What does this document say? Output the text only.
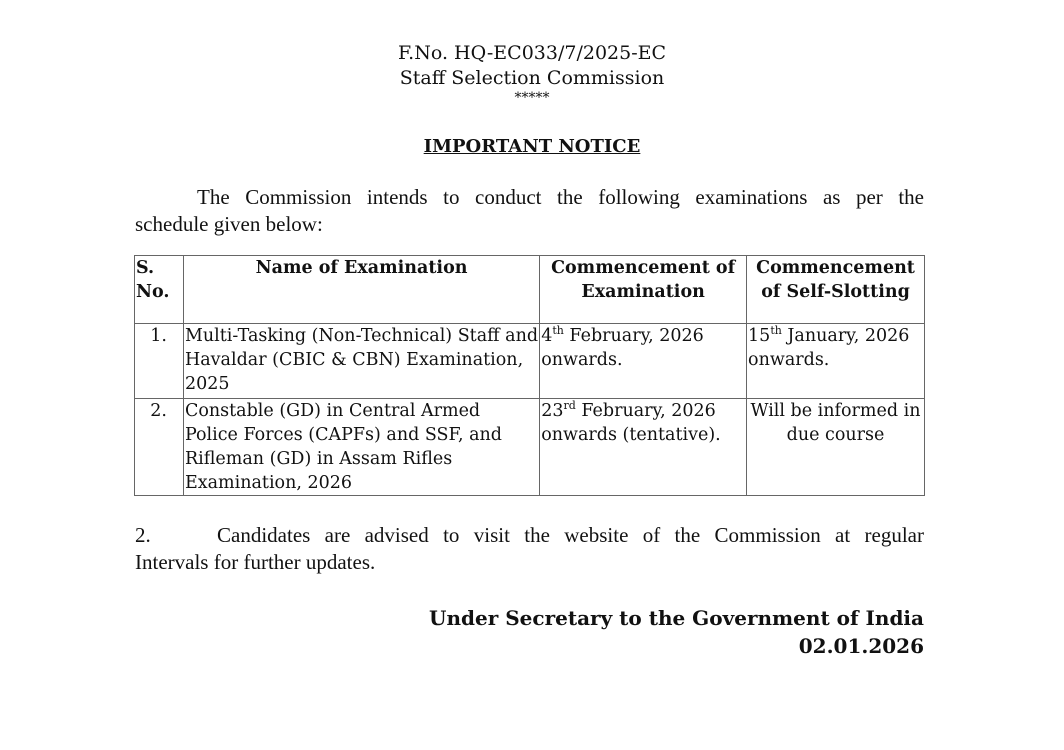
F.No. HQ-EC033/7/2025-EC
Staff Selection Commission
*****
IMPORTANT NOTICE
The Commission intends to conduct the following examinations as per the
schedule given below:
S. No.	Name of Examination	Commencement of Examination	Commencement of Self-Slotting
1.	Multi-Tasking (Non-Technical) Staff and Havaldar (CBIC & CBN) Examination, 2025	4th February, 2026 onwards.	15th January, 2026 onwards.
2.	Constable (GD) in Central Armed Police Forces (CAPFs) and SSF, and Rifleman (GD) in Assam Rifles Examination, 2026	23rd February, 2026 onwards (tentative).	Will be informed in due course
2.	Candidates are advised to visit the website of the Commission at regular
Intervals for further updates.
Under Secretary to the Government of India
02.01.2026
